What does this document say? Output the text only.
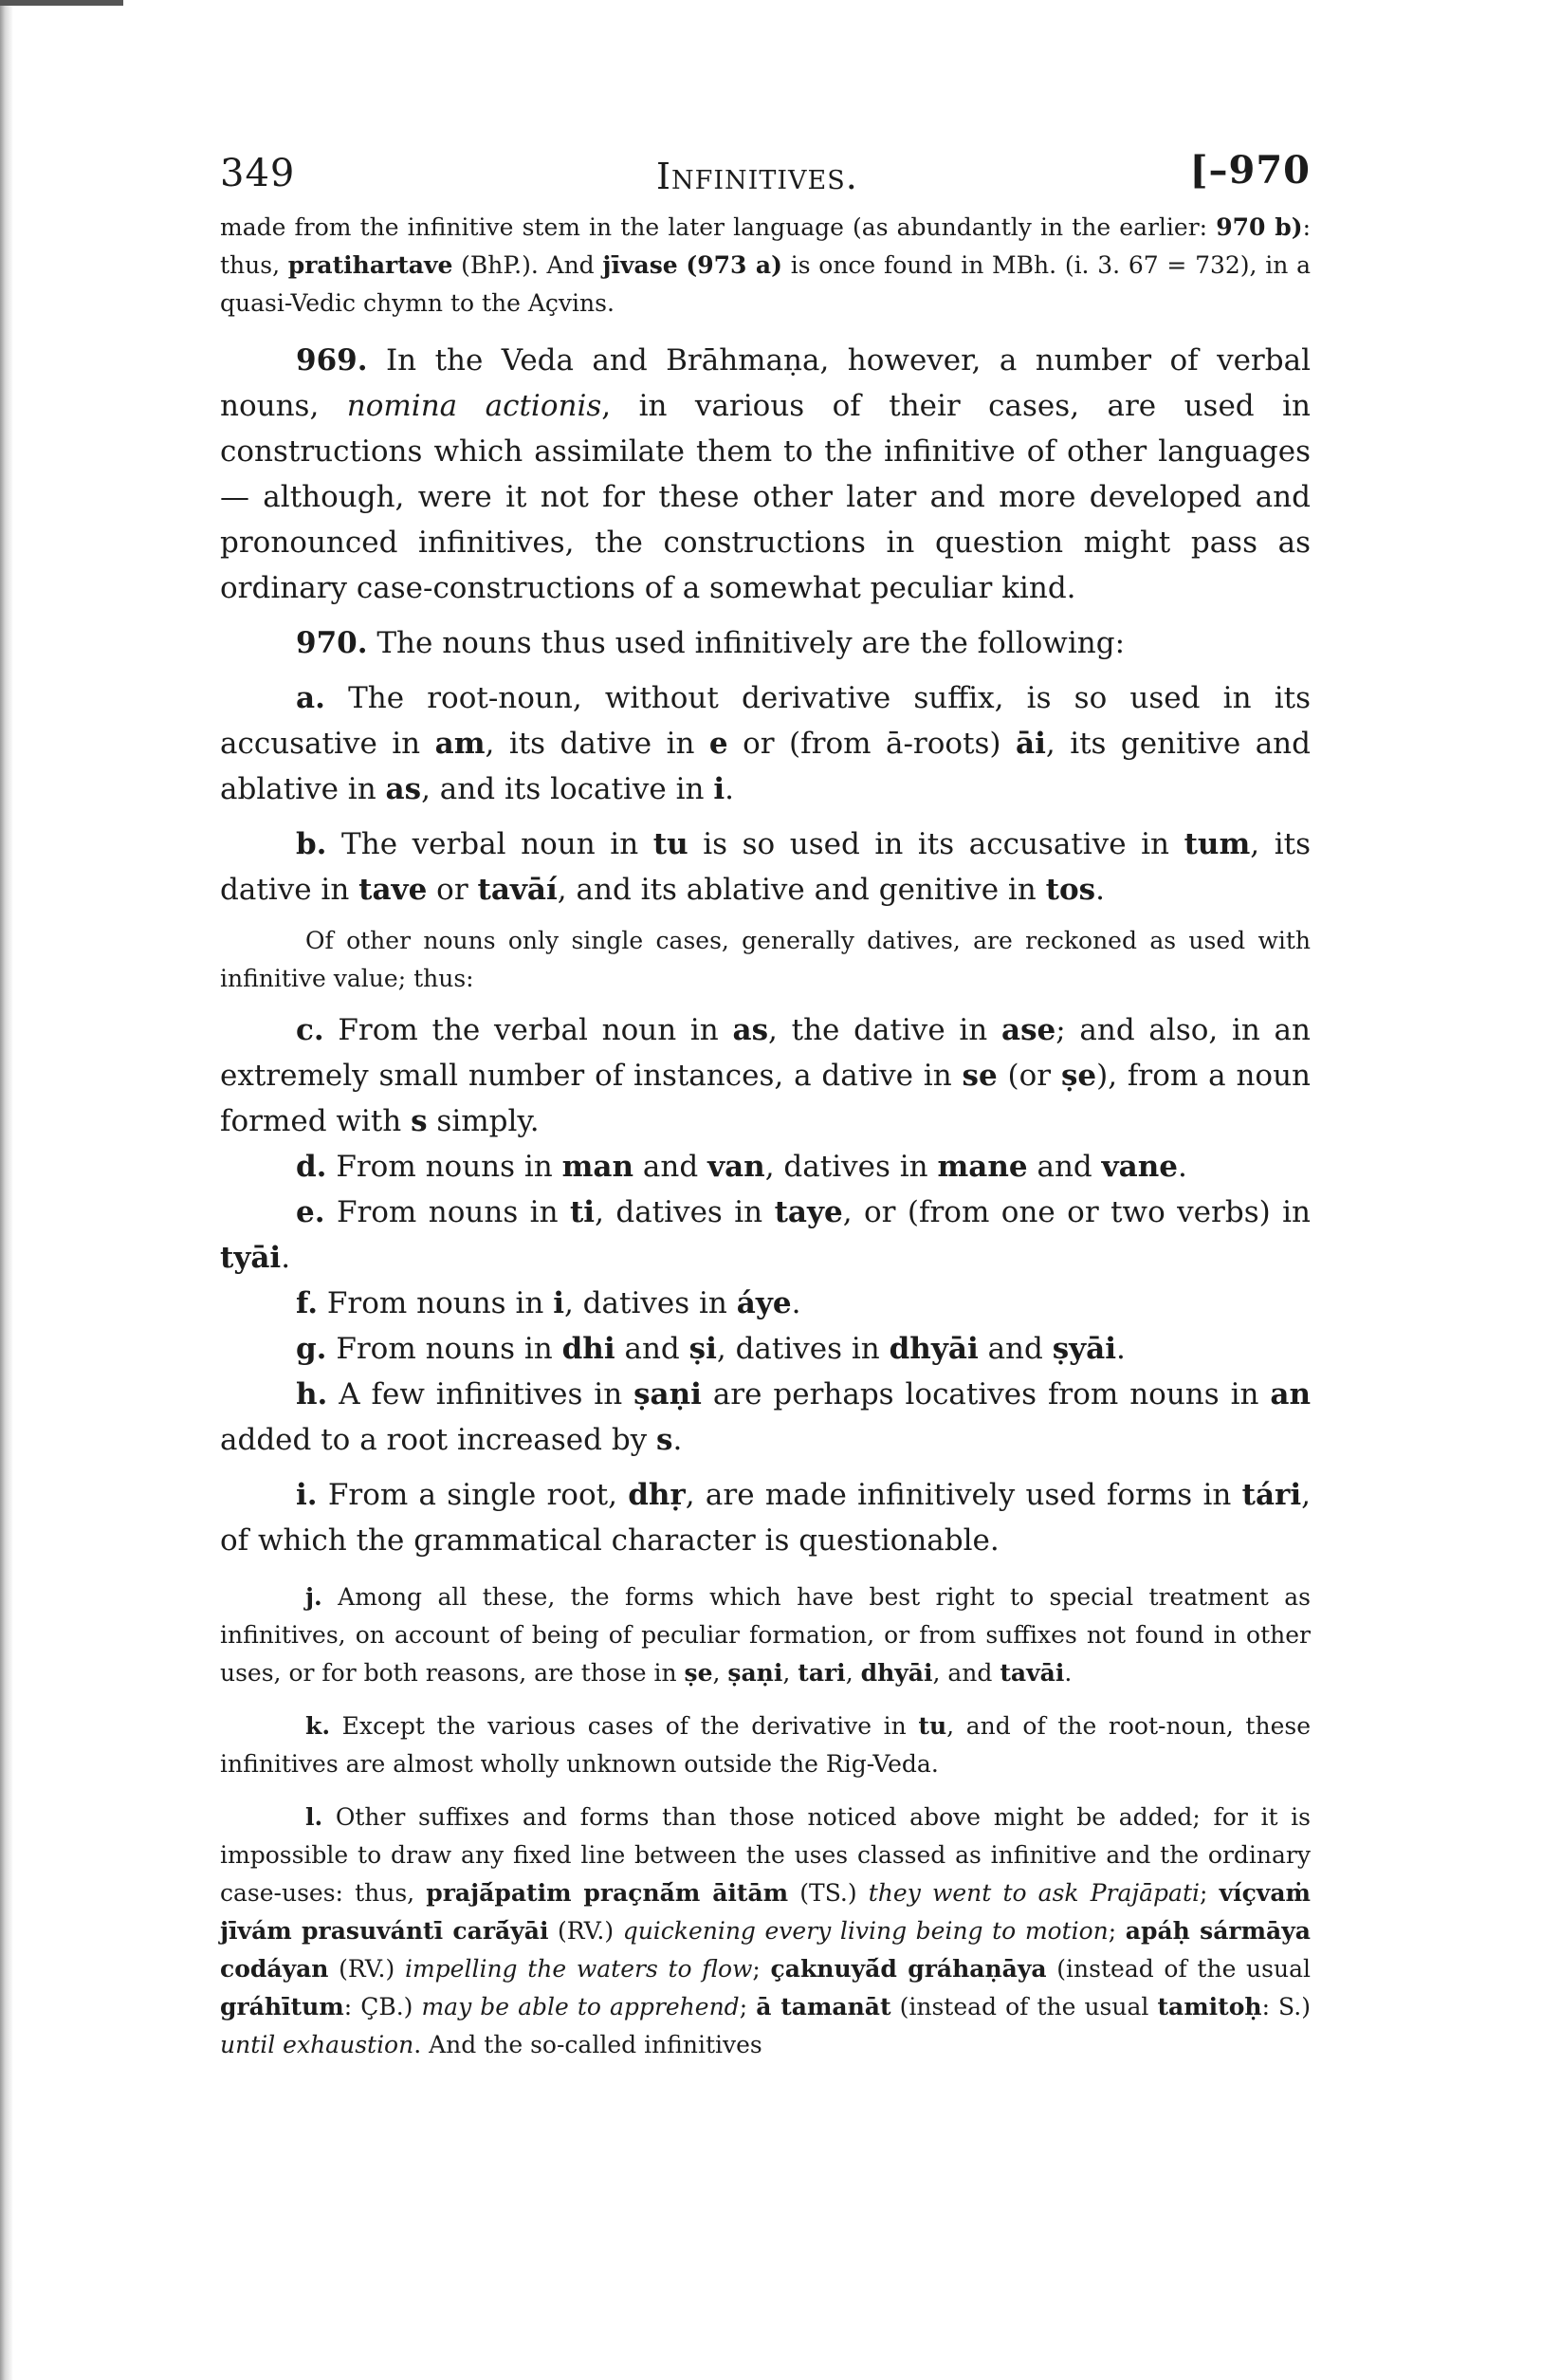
349	Infinitives.	[–970

made from the infinitive stem in the later language (as abundantly in the earlier: 970 b): thus, pratihartave (BhP.). And jīvase (973 a) is once found in MBh. (i. 3. 67 = 732), in a quasi-Vedic chymn to the Açvins.

969. In the Veda and Brāhmaṇa, however, a number of verbal nouns, nomina actionis, in various of their cases, are used in constructions which assimilate them to the infinitive of other languages — although, were it not for these other later and more developed and pronounced infinitives, the constructions in question might pass as ordinary case-constructions of a somewhat peculiar kind.

970. The nouns thus used infinitively are the following:

a. The root-noun, without derivative suffix, is so used in its accusative in am, its dative in e or (from ā-roots) āi, its genitive and ablative in as, and its locative in i.

b. The verbal noun in tu is so used in its accusative in tum, its dative in tave or tavāí, and its ablative and genitive in tos.

Of other nouns only single cases, generally datives, are reckoned as used with infinitive value; thus:

c. From the verbal noun in as, the dative in ase; and also, in an extremely small number of instances, a dative in se (or ṣe), from a noun formed with s simply.

d. From nouns in man and van, datives in mane and vane.

e. From nouns in ti, datives in taye, or (from one or two verbs) in tyāi.

f. From nouns in i, datives in áye.

g. From nouns in dhi and ṣi, datives in dhyāi and ṣyāi.

h. A few infinitives in ṣaṇi are perhaps locatives from nouns in an added to a root increased by s.

i. From a single root, dhṛ, are made infinitively used forms in tári, of which the grammatical character is questionable.

j. Among all these, the forms which have best right to special treatment as infinitives, on account of being of peculiar formation, or from suffixes not found in other uses, or for both reasons, are those in ṣe, ṣaṇi, tari, dhyāi, and tavāi.

k. Except the various cases of the derivative in tu, and of the root-noun, these infinitives are almost wholly unknown outside the Rig-Veda.

l. Other suffixes and forms than those noticed above might be added; for it is impossible to draw any fixed line between the uses classed as infinitive and the ordinary case-uses: thus, prajā́patim praçnā́m āitām (TS.) they went to ask Prajāpati; víçvaṁ jīvám prasuvántī carā́yāi (RV.) quickening every living being to motion; apáḥ sármāya codáyan (RV.) impelling the waters to flow; çaknuyā́d gráhaṇāya (instead of the usual gráhītum: ÇB.) may be able to apprehend; ā tamanāt (instead of the usual tamitoḥ: S.) until exhaustion. And the so-called infinitives
